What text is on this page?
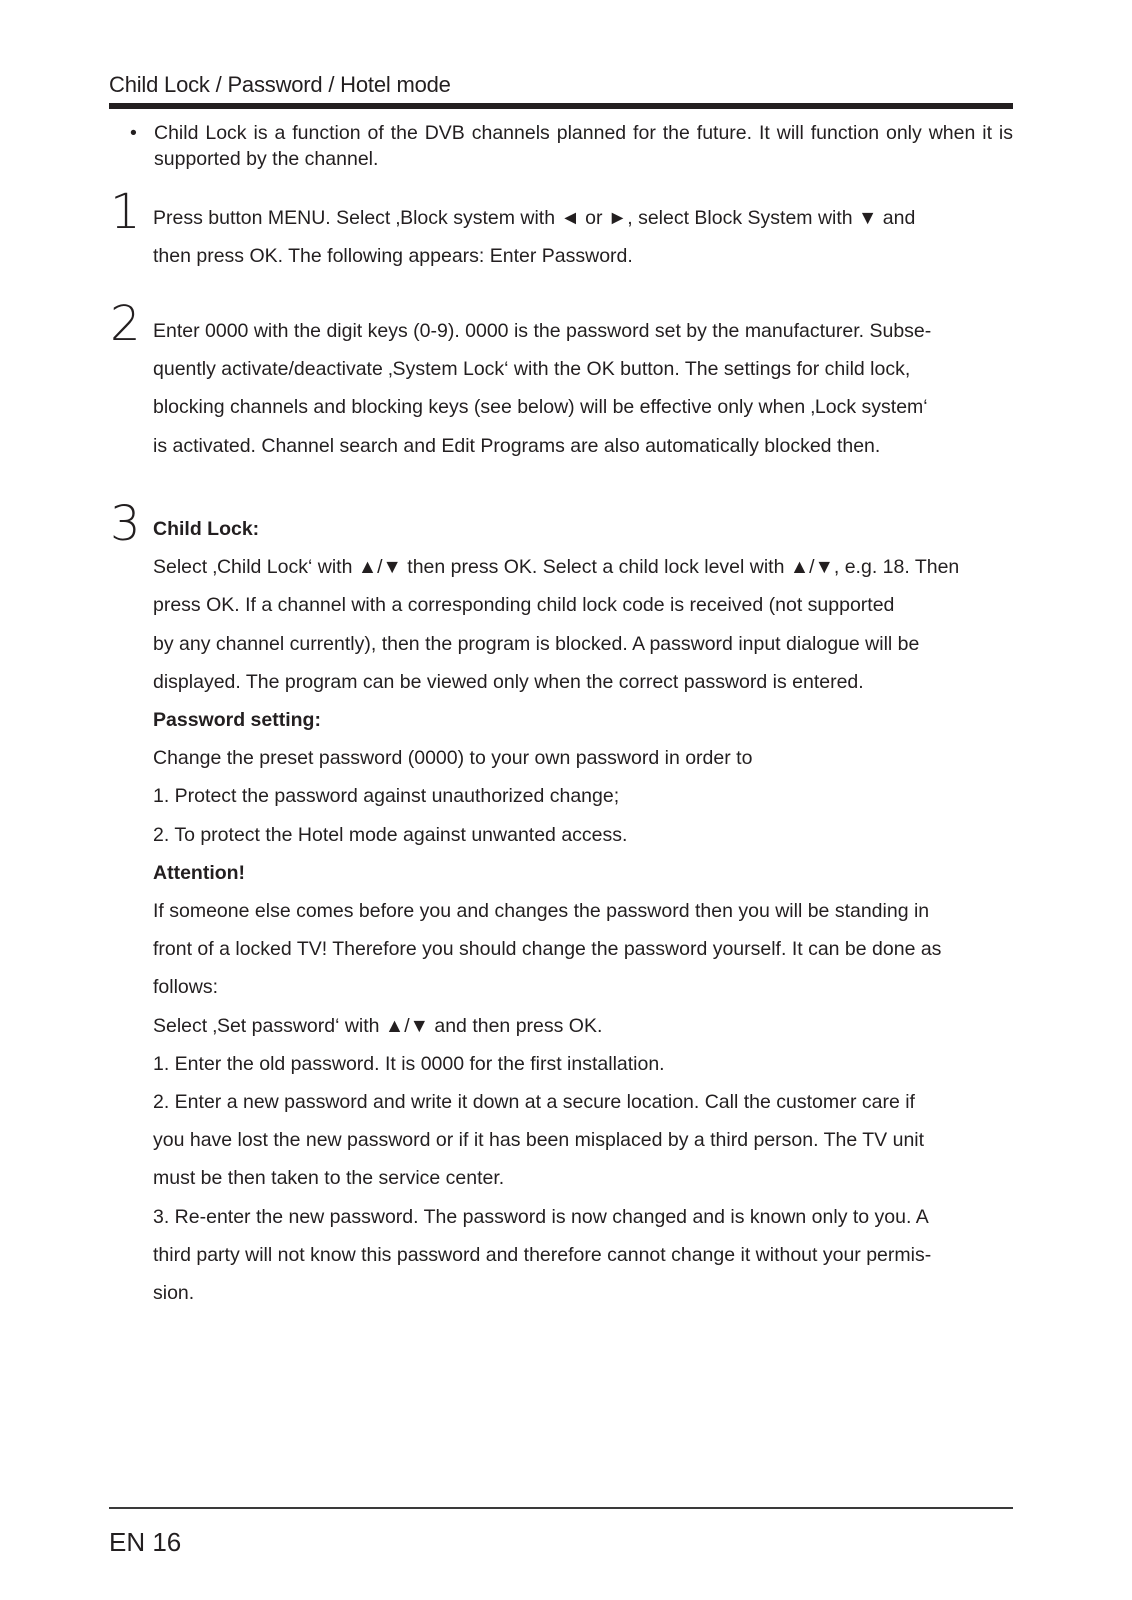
Child Lock / Password / Hotel mode
• Child Lock is a function of the DVB channels planned for the future. It will function only when it is supported by the channel.
1 Press button MENU. Select ‚Block system with ◄ or ►, select Block System with ▼ and
then press OK. The following appears: Enter Password.
2 Enter 0000 with the digit keys (0-9). 0000 is the password set by the manufacturer. Subse-
quently activate/deactivate ‚System Lock‘ with the OK button. The settings for child lock,
blocking channels and blocking keys (see below) will be effective only when ‚Lock system‘
is activated. Channel search and Edit Programs are also automatically blocked then.
3 Child Lock:
Select ‚Child Lock‘ with ▲/▼ then press OK. Select a child lock level with ▲/▼, e.g. 18. Then
press OK. If a channel with a corresponding child lock code is received (not supported
by any channel currently), then the program is blocked. A password input dialogue will be
displayed. The program can be viewed only when the correct password is entered.
Password setting:
Change the preset password (0000) to your own password in order to
1. Protect the password against unauthorized change;
2. To protect the Hotel mode against unwanted access.
Attention!
If someone else comes before you and changes the password then you will be standing in
front of a locked TV! Therefore you should change the password yourself. It can be done as
follows:
Select ‚Set password‘ with ▲/▼ and then press OK.
1. Enter the old password. It is 0000 for the first installation.
2. Enter a new password and write it down at a secure location. Call the customer care if
you have lost the new password or if it has been misplaced by a third person. The TV unit
must be then taken to the service center.
3. Re-enter the new password. The password is now changed and is known only to you. A
third party will not know this password and therefore cannot change it without your permis-
sion.
EN 16
